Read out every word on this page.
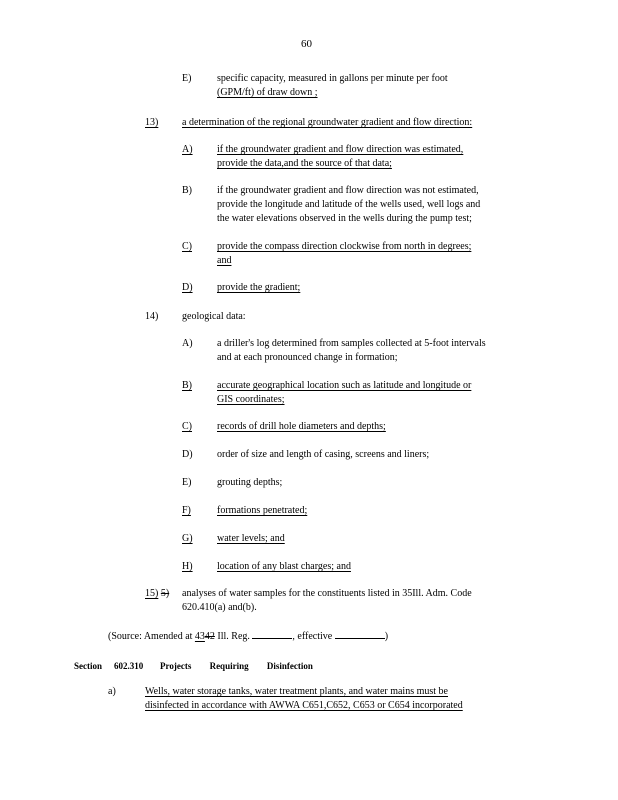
60
E)	specific capacity, measured in gallons per minute per foot
(GPM/ft) of draw down ;
13)	a determination of the regional groundwater gradient and flow direction:
A)	if the groundwater gradient and flow direction was estimated,
provide the data,and the source of that data;
B)	if the groundwater gradient and flow direction was not estimated,
provide the longitude and latitude of the wells used, well logs and
the water elevations observed in the wells during the pump test;
C)	provide the compass direction clockwise from north in degrees;
and
D)	provide the gradient;
14)	geological data:
A)	a driller's log determined from samples collected at 5-foot intervals
and at each pronounced change in formation;
B)	accurate geographical location such as latitude and longitude or
GIS coordinates;
C)	records of drill hole diameters and depths;
D)	order of size and length of casing, screens and liners;
E)	grouting depths;
F)	formations penetrated;
G)	water levels; and
H)	location of any blast charges; and
15) 5) analyses of water samples for the constituents listed in 35Ill. Adm. Code
620.410(a) and(b).
(Source: Amended at 4342 Ill. Reg.	, effective	)
Section 602.310 Projects Requiring Disinfection
a)	Wells, water storage tanks, water treatment plants, and water mains must be
disinfected in accordance with AWWA C651,C652, C653 or C654 incorporated
